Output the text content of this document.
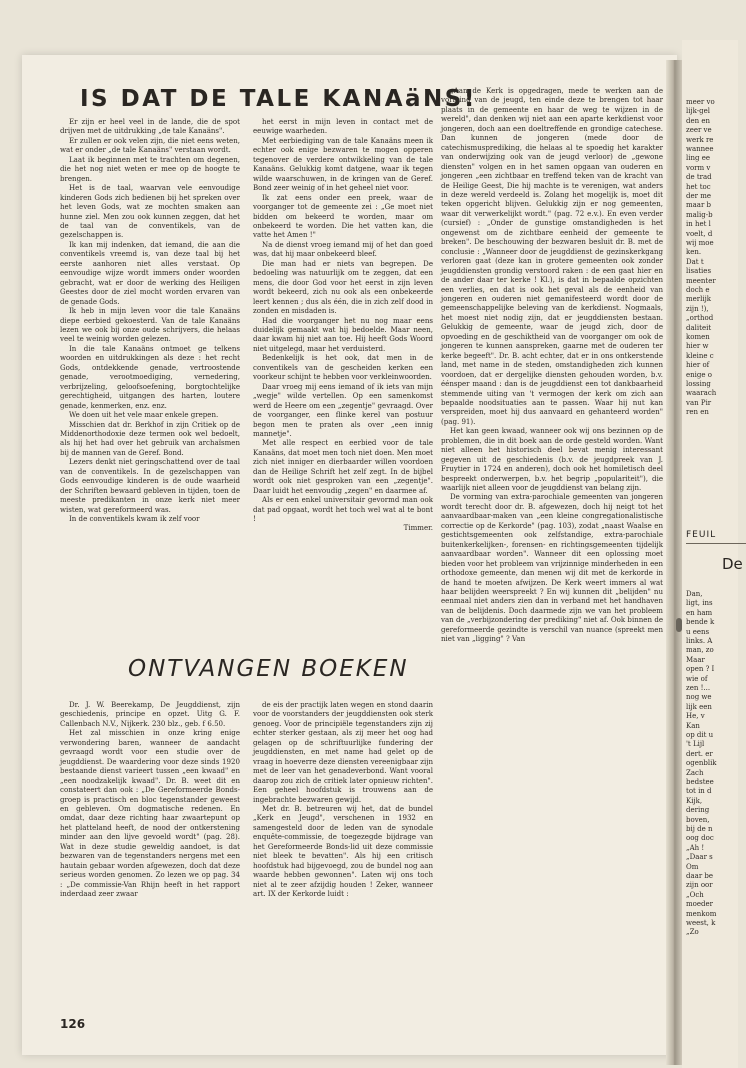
IS DAT DE TALE KANAäNS!

Er zijn er heel veel in de lande, die de spot drijven met de uitdrukking „de tale Kanaäns".

Er zullen er ook velen zijn, die niet eens weten, wat er onder „de tale Kanaäns" verstaan wordt.

Laat ik beginnen met te trachten om degenen, die het nog niet weten er mee op de hoogte te brengen.

Het is de taal, waarvan vele eenvoudige kinderen Gods zich bedienen bij het spreken over het leven Gods, wat ze mochten smaken aan hunne ziel. Men zou ook kunnen zeggen, dat het de taal van de conventikels, van de gezelschappen is.

Ik kan mij indenken, dat iemand, die aan die conventikels vreemd is, van deze taal bij het eerste aanhoren niet alles verstaat. Op eenvoudige wijze wordt immers onder woorden gebracht, wat er door de werking des Heiligen Geestes door de ziel mocht worden ervaren van de genade Gods.

Ik heb in mijn leven voor die tale Kanaäns diepe eerbied gekoesterd. Van de tale Kanaäns lezen we ook bij onze oude schrijvers, die helaas veel te weinig worden gelezen.

In die tale Kanaäns ontmoet ge telkens woorden en uitdrukkingen als deze : het recht Gods, ontdekkende genade, vertroostende genade, verootmoediging, vernedering, verbrijzeling, geloofsoefening, borgtochtelijke gerechtigheid, uitgangen des harten, loutere genade, kenmerken, enz. enz.

We doen uit het vele maar enkele grepen.

Misschien dat dr. Berkhof in zijn Critiek op de Middenorthodoxie deze termen ook wel bedoelt, als hij het had over het gebruik van archaïsmen bij de mannen van de Geref. Bond.

Lezers denkt niet geringschattend over de taal van de conventikels. In de gezelschappen van Gods eenvoudige kinderen is de oude waarheid der Schriften bewaard gebleven in tijden, toen de meeste predikanten in onze kerk niet meer wisten, wat gereformeerd was.

In de conventikels kwam ik zelf voor

het eerst in mijn leven in contact met de eeuwige waarheden.

Met eerbiediging van de tale Kanaäns meen ik echter ook enige bezwaren te mogen opperen tegenover de verdere ontwikkeling van de tale Kanaäns. Gelukkig komt datgene, waar ik tegen wilde waarschuwen, in de kringen van de Geref. Bond zeer weinig of in het geheel niet voor.

Ik zat eens onder een preek, waar de voorganger tot de gemeente zei : „Ge moet niet bidden om bekeerd te worden, maar om onbekeerd te worden. Die het vatten kan, die vatte het Amen !"

Na de dienst vroeg iemand mij of het dan goed was, dat hij maar onbekeerd bleef.

Die man had er niets van begrepen. De bedoeling was natuurlijk om te zeggen, dat een mens, die door God voor het eerst in zijn leven wordt bekeerd, zich nu ook als een onbekeerde leert kennen ; dus als één, die in zich zelf dood in zonden en misdaden is.

Had die voorganger het nu nog maar eens duidelijk gemaakt wat hij bedoelde. Maar neen, daar kwam hij niet aan toe. Hij heeft Gods Woord niet uitgelegd, maar het verduisterd.

Bedenkelijk is het ook, dat men in de conventikels van de gescheiden kerken een voorkeur schijnt te hebben voor verkleinwoorden.

Daar vroeg mij eens iemand of ik iets van mijn „wegje" wilde vertellen. Op een samenkomst werd de Heere om een „zegentje" gevraagd. Over de voorganger, een flinke kerel van postuur begon men te praten als over „een innig mannetje".

Met alle respect en eerbied voor de tale Kanaäns, dat moet men toch niet doen. Men moet zich niet inniger en dierbaarder willen voordoen dan de Heilige Schrift het zelf zegt. In de bijbel wordt ook niet gesproken van een „zegentje". Daar luidt het eenvoudig „zegen" en daarmee af.

Als er een enkel universitair gevormd man ook dat pad opgaat, wordt het toch wel wat al te bont !

Timmer.

„Aan de Kerk is opgedragen, mede te werken aan de vorming van de jeugd, ten einde deze te brengen tot haar plaats in de gemeente en haar de weg te wijzen in de wereld", dan denken wij niet aan een aparte kerkdienst voor jongeren, doch aan een doeltreffende en grondige catechese. Dan kunnen de jongeren (mede door de catechismusprediking, die helaas al te spoedig het karakter van onderwijzing ook van de jeugd verloor) de „gewone diensten" volgen en in het samen opgaan van ouderen en jongeren „een zichtbaar en treffend teken van de kracht van de Heilige Geest, Die hij machte is te verenigen, wat anders in deze wereld verdeeld is. Zolang het mogelijk is, moet dit teken opgericht blijven. Gelukkig zijn er nog gemeenten, waar dit verwerkelijkt wordt." (pag. 72 e.v.). En even verder (cursief) : „Onder de gunstige omstandigheden is het ongewenst om de zichtbare eenheid der gemeente te breken". De beschouwing der bezwaren besluit dr. B. met de conclusie : „Wanneer door de jeugddienst de gezinskerkgang verloren gaat (deze kan in grotere gemeenten ook zonder jeugddiensten grondig verstoord raken : de een gaat hier en de ander daar ter kerke ! Kl.), is dat in bepaalde opzichten een verlies, en dat is ook het geval als de eenheid van jongeren en ouderen niet gemanifesteerd wordt door de gemeenschappelijke beleving van de kerkdienst. Nogmaals, het moest niet nodig zijn, dat er jeugddiensten bestaan. Gelukkig de gemeente, waar de jeugd zich, door de opvoeding en de geschiktheid van de voorganger om ook de jongeren te kunnen aanspreken, gaarne met de ouderen ter kerke begeeft". Dr. B. acht echter, dat er in ons ontkerstende land, met name in de steden, omstandigheden zich kunnen voordoen, dat er dergelijke diensten gehouden worden, b.v. éénsper maand : dan is de jeugddienst een tot dankbaarheid stemmende uiting van 't vermogen der kerk om zich aan bepaalde noodsituaties aan te passen. Waar hij nut kan verspreiden, moet hij dus aanvaard en gehanteerd worden" (pag. 91).

Het kan geen kwaad, wanneer ook wij ons bezinnen op de problemen, die in dit boek aan de orde gesteld worden. Want niet alleen het historisch deel bevat menig interessant gegeven uit de geschiedenis (b.v. de jeugdpreek van J. Fruytier in 1724 en anderen), doch ook het homiletisch deel bespreekt onderwerpen, b.v. het begrip „populariteit"), die waarlijk niet alleen voor de jeugddienst van belang zijn.

De vorming van extra-parochiale gemeenten van jongeren wordt terecht door dr. B. afgewezen, doch hij neigt tot het aanvaardbaar-maken van „een kleine congregationalistische correctie op de Kerkorde" (pag. 103), zodat „naast Waalse en gestichtsgemeenten ook zelfstandige, extra-parochiale buitenkerkelijken-, forensen- en richtingsgemeenten tijdelijk aanvaardbaar worden". Wanneer dit een oplossing moet bieden voor het probleem van vrijzinnige minderheden in een orthodoxe gemeente, dan menen wij dit met de kerkorde in de hand te moeten afwijzen. De Kerk weert immers al wat haar belijden weerspreekt ? En wij kunnen dit „belijden" nu eenmaal niet anders zien dan in verband met het handhaven van de belijdenis. Doch daarmede zijn we van het probleem van de „verbijzondering der prediking" niet af. Ook binnen de gereformeerde gezindte is verschil van nuance (spreekt men niet van „ligging" ? Van

ONTVANGEN BOEKEN

Dr. J. W. Beerekamp, De Jeugddienst, zijn geschiedenis, principe en opzet. Uitg G. F. Callenbach N.V., Nijkerk. 230 blz., geb. f 6.50.

Het zal misschien in onze kring enige verwondering baren, wanneer de aandacht gevraagd wordt voor een studie over de jeugddienst. De waardering voor deze sinds 1920 bestaande dienst varieert tussen „een kwaad" en „een noodzakelijk kwaad". Dr. B. weet dit en constateert dan ook : „De Gereformeerde Bonds-groep is practisch en bloc tegenstander geweest en gebleven. Om dogmatische redenen. En omdat, daar deze richting haar zwaartepunt op het platteland heeft, de nood der ontkerstening minder aan den lijve gevoeld wordt" (pag. 28). Wat in deze studie geweldig aandoet, is dat bezwaren van de tegenstanders nergens met een hautain gebaar worden afgewezen, doch dat deze serieus worden genomen. Zo lezen we op pag. 34 : „De commissie-Van Rhijn heeft in het rapport inderdaad zeer zwaar

de eis der practijk laten wegen en stond daarin voor de voorstanders der jeugddiensten ook sterk genoeg. Voor de principiële tegenstanders zijn zij echter sterker gestaan, als zij meer het oog had gelagen op de schriftuurlijke fundering der jeugddiensten, en met name had gelet op de vraag in hoeverre deze diensten vereenigbaar zijn met de leer van het genadeverbond. Want vooral daarop zou zich de critiek later opnieuw richten". Een geheel hoofdstuk is trouwens aan de ingebrachte bezwaren gewijd.

Met dr. B. betreuren wij het, dat de bundel „Kerk en Jeugd", verschenen in 1932 en samengesteld door de leden van de synodale enquête-commissie, de toegezegde bijdrage van het Gereformeerde Bonds-lid uit deze commissie niet bleek te bevatten". Als hij een critisch hoofdstuk had bijgevoegd, zou de bundel nog aan waarde hebben gewonnen". Laten wij ons toch niet al te zeer afzijdig houden ! Zeker, wanneer art. IX der Kerkorde luidt :

126
meer vo
lijk-gel
den en
zeer ve
werk re
wannee
ling ee
vorm v
de trad
het toc
der me
maar b
malig-b
in het l
voelt, d
wij moe
ken.
Dat t
lisaties
meenter
doch e
merlijk
zijn !),
„orthod
daliteit
komen
hier w
kleine c
hier of
enige o
lossing
waarach
van Pir
ren en
FEUIL
De
Dan,
ligt, ins
en ham
bende k
u eens
links. A
man, zo
Maar
open ? I
wie of
zen !...
nog we
lijk een
He, v
Kan
op dit u
't Lijl
dert. er
ogenblik
Zach
bedstee
tot in d
Kijk,
dering
boven,
bij de n
oog doc
„Ah !
„Daar s
Om
daar be
zijn oor
„Och
moeder
menkom
weest, k
„Zo
